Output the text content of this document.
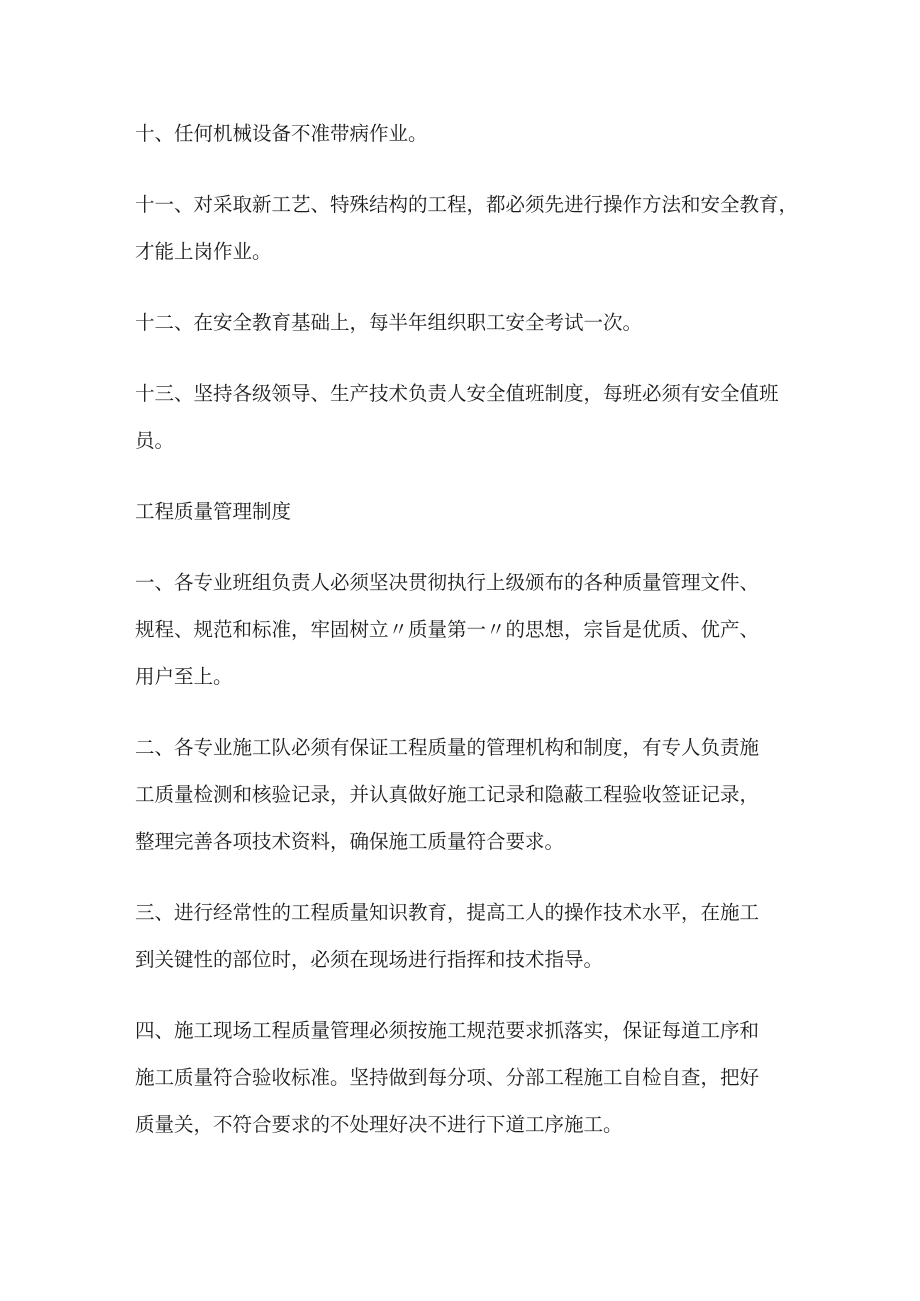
十、任何机械设备不准带病作业。
十一、对采取新工艺、特殊结构的工程，都必须先进行操作方法和安全教育，
才能上岗作业。
十二、在安全教育基础上，每半年组织职工安全考试一次。
十三、坚持各级领导、生产技术负责人安全值班制度，每班必须有安全值班
员。
工程质量管理制度
一、各专业班组负责人必须坚决贯彻执行上级颁布的各种质量管理文件、
规程、规范和标准，牢固树立〃质量第一〃的思想，宗旨是优质、优产、
用户至上。
二、各专业施工队必须有保证工程质量的管理机构和制度，有专人负责施
工质量检测和核验记录，并认真做好施工记录和隐蔽工程验收签证记录，
整理完善各项技术资料，确保施工质量符合要求。
三、进行经常性的工程质量知识教育，提高工人的操作技术水平，在施工
到关键性的部位时，必须在现场进行指挥和技术指导。
四、施工现场工程质量管理必须按施工规范要求抓落实，保证每道工序和
施工质量符合验收标准。坚持做到每分项、分部工程施工自检自查，把好
质量关，不符合要求的不处理好决不进行下道工序施工。
